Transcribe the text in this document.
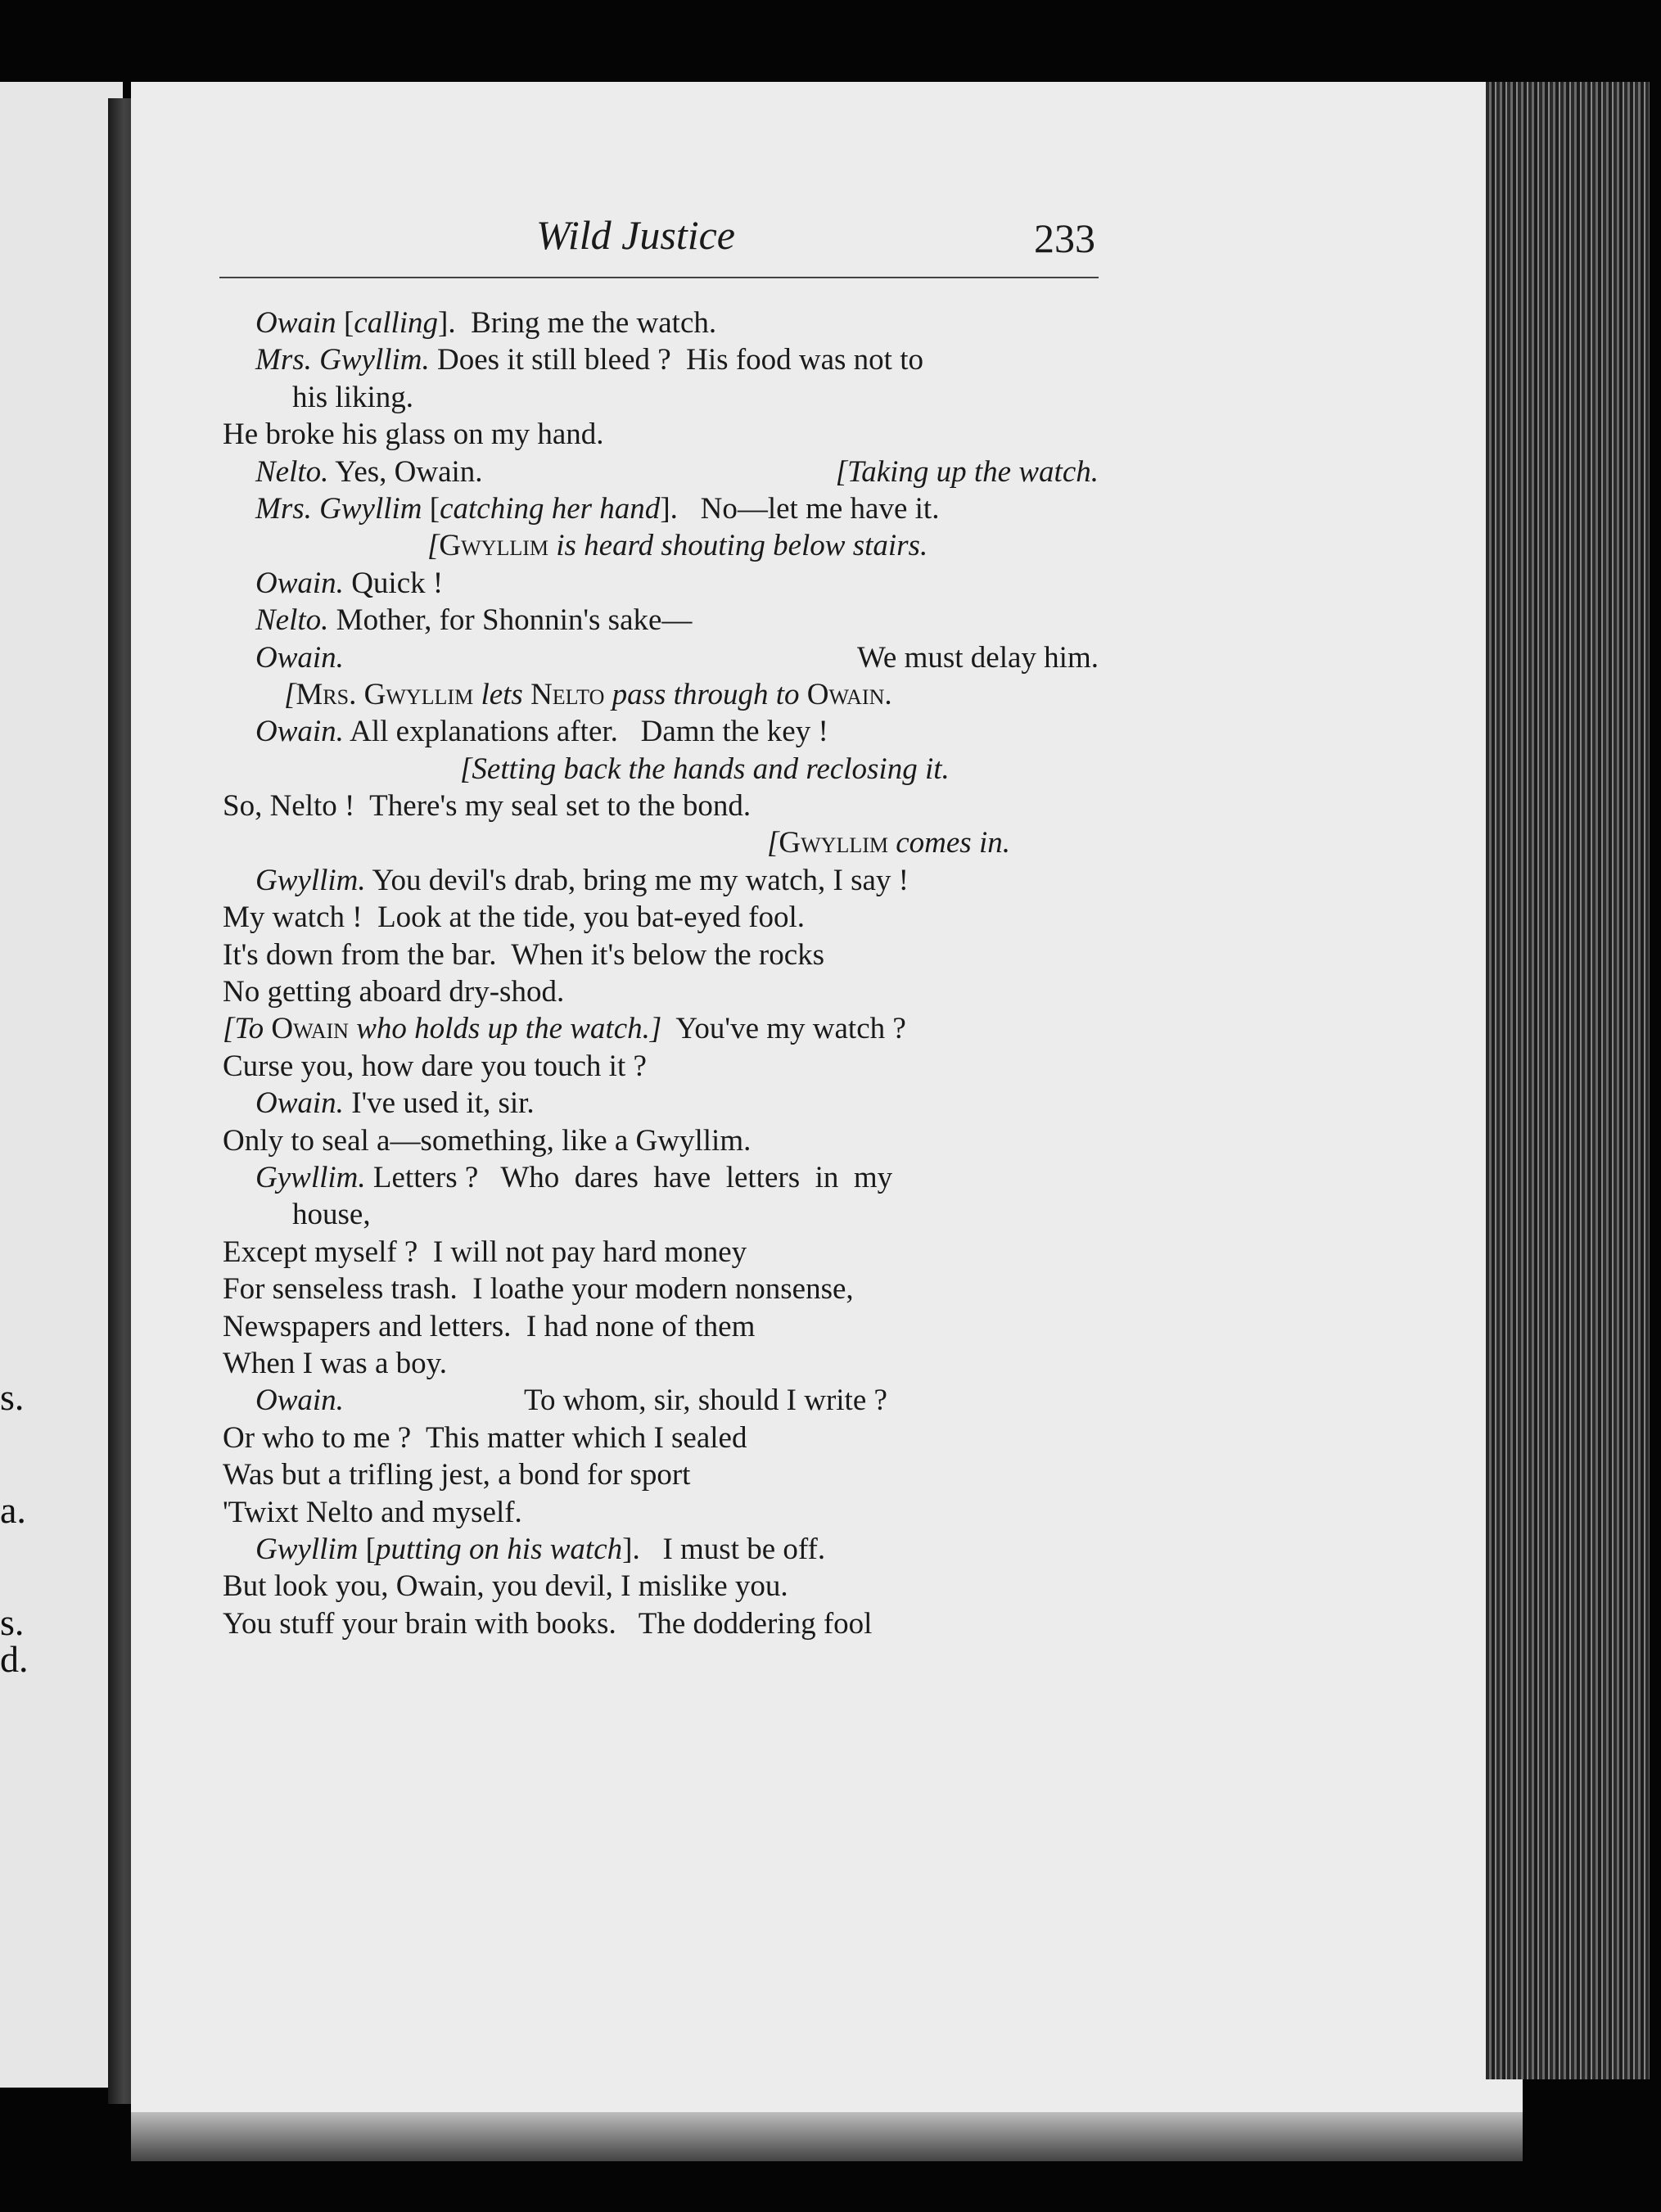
s.
a.
s.
d.
Wild Justice	233
Owain [calling].  Bring me the watch.
Mrs. Gwyllim. Does it still bleed ?  His food was not to
his liking.
He broke his glass on my hand.
Nelto. Yes, Owain.	[Taking up the watch.
Mrs. Gwyllim [catching her hand].   No—let me have it.
[Gwyllim is heard shouting below stairs.
Owain. Quick !
Nelto. Mother, for Shonnin's sake—
Owain.	We must delay him.
[Mrs. Gwyllim lets Nelto pass through to Owain.
Owain. All explanations after.   Damn the key !
[Setting back the hands and reclosing it.
So, Nelto !  There's my seal set to the bond.
[Gwyllim comes in.
Gwyllim. You devil's drab, bring me my watch, I say !
My watch !  Look at the tide, you bat-eyed fool.
It's down from the bar.  When it's below the rocks
No getting aboard dry-shod.
[To Owain who holds up the watch.]  You've my watch ?
Curse you, how dare you touch it ?
Owain. I've used it, sir.
Only to seal a—something, like a Gwyllim.
Gywllim. Letters ?   Who  dares  have  letters  in  my
house,
Except myself ?  I will not pay hard money
For senseless trash.  I loathe your modern nonsense,
Newspapers and letters.  I had none of them
When I was a boy.
Owain.	To whom, sir, should I write ?
Or who to me ?  This matter which I sealed
Was but a trifling jest, a bond for sport
'Twixt Nelto and myself.
Gwyllim [putting on his watch].   I must be off.
But look you, Owain, you devil, I mislike you.
You stuff your brain with books.   The doddering fool
